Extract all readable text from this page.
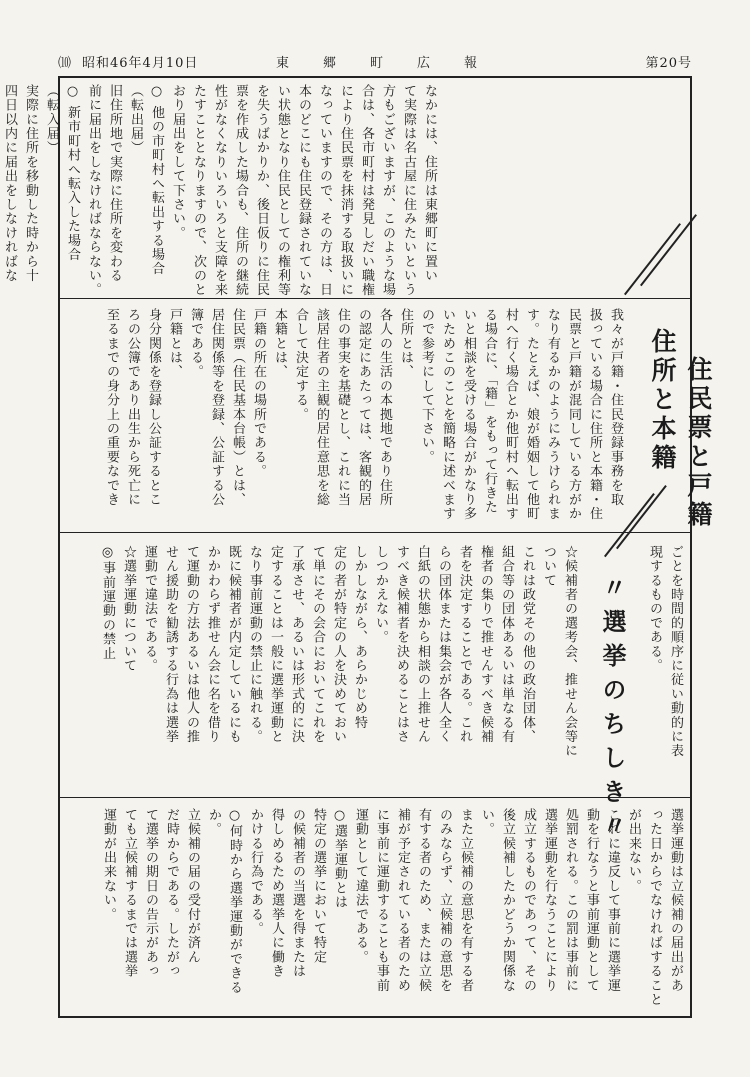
⑽ 昭和46年4月10日	東郷町広報	第20号

なかには、住所は東郷町に置い

て実際は名古屋に住みたいという

方もございますが、このような場

合は、各市町村は発見しだい職権

により住民票を抹消する取扱いに

なっていますので、その方は、日

本のどこにも住民登録されていな

い状態となり住民としての権利等

を失うばかりか、後日仮りに住民

票を作成した場合も、住所の継続

性がなくなりいろいろと支障を来

たすこととなりますので、次のと

おり届出をして下さい。

○ 他の市町村へ転出する場合

（転出届）

旧住所地で実際に住所を変わる

前に届出をしなければならない。

○ 新市町村へ転入した場合

（転入届）

実際に住所を移動した時から十

四日以内に届出をしなければな

住所と本籍 住民票と戸籍

我々が戸籍・住民登録事務を取

扱っている場合に住所と本籍・住

民票と戸籍が混同している方がか

なり有るかのようにみうけられま

す。たとえば、娘が婚姻して他町

村へ行く場合とか他町村へ転出す

る場合に、「籍」をもって行きた

いと相談を受ける場合がかなり多

いためこのことを簡略に述べます

ので参考にして下さい。

住所とは、

各人の生活の本拠地であり住所

の認定にあたっては、客観的居

住の事実を基礎とし、これに当

該居住者の主観的居住意思を総

合して決定する。

本籍とは、

戸籍の所在の場所である。

住民票（住民基本台帳）とは、

居住関係等を登録、公証する公

簿である。

戸籍とは、

身分関係を登録し公証するとこ

ろの公簿であり出生から死亡に

至るまでの身分上の重要なでき

ごとを時間的順序に従い動的に表

現するものである。

〃選挙のちしき〃

☆候補者の選考会、推せん会等に

ついて

これは政党その他の政治団体、

組合等の団体あるいは単なる有

権者の集りで推せんすべき候補

者を決定することである。これ

らの団体または集会が各人全く

白紙の状態から相談の上推せん

すべき候補者を決めることはさ

しつかえない。

しかしながら、あらかじめ特

定の者が特定の人を決めておい

て単にその会合においてこれを

了承させ、あるいは形式的に決

定することは一般に選挙運動と

なり事前運動の禁止に触れる。

既に候補者が内定しているにも

かかわらず推せん会に名を借り

て運動の方法あるいは他人の推

せん援助を勧誘する行為は選挙

運動で違法である。

☆選挙運動について

◎事前運動の禁止

選挙運動は立候補の届出があ

った日からでなければすること

が出来ない。

これに違反して事前に選挙運

動を行なうと事前運動として

処罰される。この罰は事前に

選挙運動を行なうことにより

成立するものであって、その

後立候補したかどうか関係な

い。

また立候補の意思を有する者

のみならず、立候補の意思を

有する者のため、または立候

補が予定されている者のため

に事前に運動することも事前

運動として違法である。

○選挙運動とは

特定の選挙において特定

の候補者の当選を得または

得しめるため選挙人に働き

かける行為である。

○何時から選挙運動ができる

か。

立候補の届の受付が済ん

だ時からである。したがっ

て選挙の期日の告示があっ

ても立候補するまでは選挙

運動が出来ない。
